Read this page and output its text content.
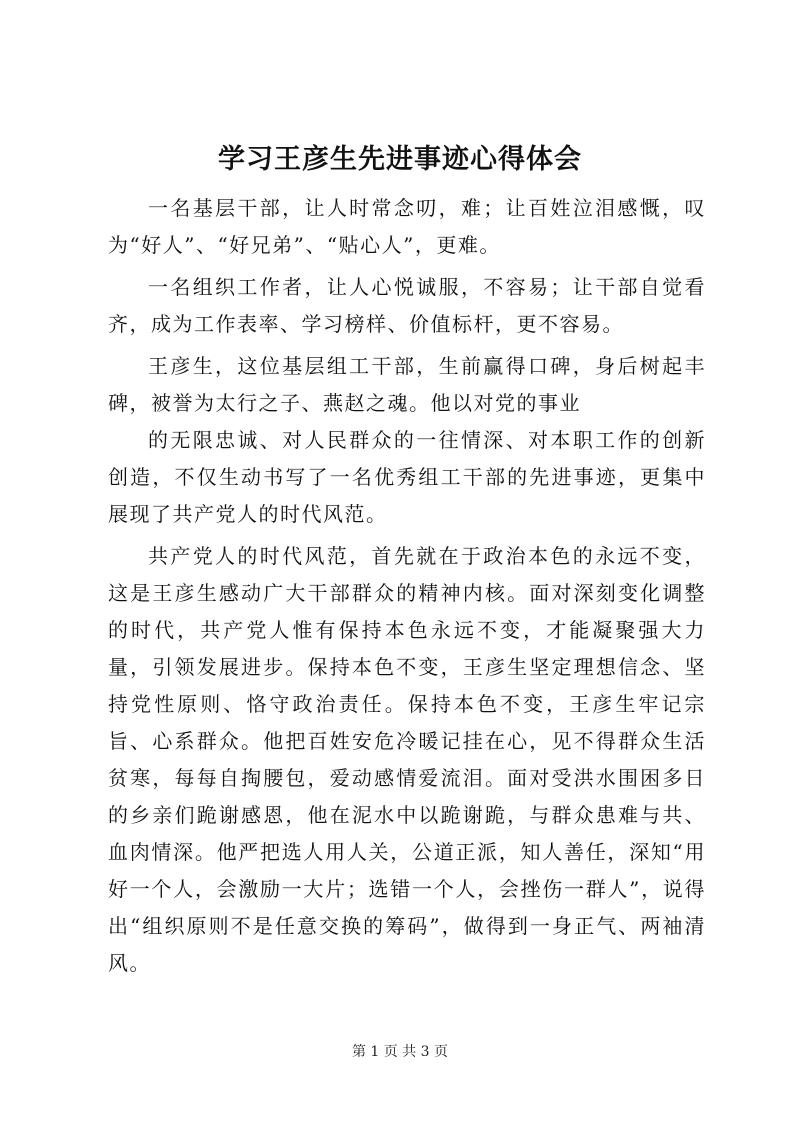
学习王彦生先进事迹心得体会

一名基层干部，让人时常念叨，难；让百姓泣泪感慨，叹为“好人”、“好兄弟”、“贴心人”，更难。

一名组织工作者，让人心悦诚服，不容易；让干部自觉看齐，成为工作表率、学习榜样、价值标杆，更不容易。

王彦生，这位基层组工干部，生前赢得口碑，身后树起丰碑，被誉为太行之子、燕赵之魂。他以对党的事业

的无限忠诚、对人民群众的一往情深、对本职工作的创新创造，不仅生动书写了一名优秀组工干部的先进事迹，更集中展现了共产党人的时代风范。

共产党人的时代风范，首先就在于政治本色的永远不变，这是王彦生感动广大干部群众的精神内核。面对深刻变化调整的时代，共产党人惟有保持本色永远不变，才能凝聚强大力量，引领发展进步。保持本色不变，王彦生坚定理想信念、坚持党性原则、恪守政治责任。保持本色不变，王彦生牢记宗旨、心系群众。他把百姓安危冷暖记挂在心，见不得群众生活贫寒，每每自掏腰包，爱动感情爱流泪。面对受洪水围困多日的乡亲们跪谢感恩，他在泥水中以跪谢跪，与群众患难与共、血肉情深。他严把选人用人关，公道正派，知人善任，深知“用好一个人，会激励一大片；选错一个人，会挫伤一群人”，说得出“组织原则不是任意交换的筹码”，做得到一身正气、两袖清风。

第 1 页 共 3 页
